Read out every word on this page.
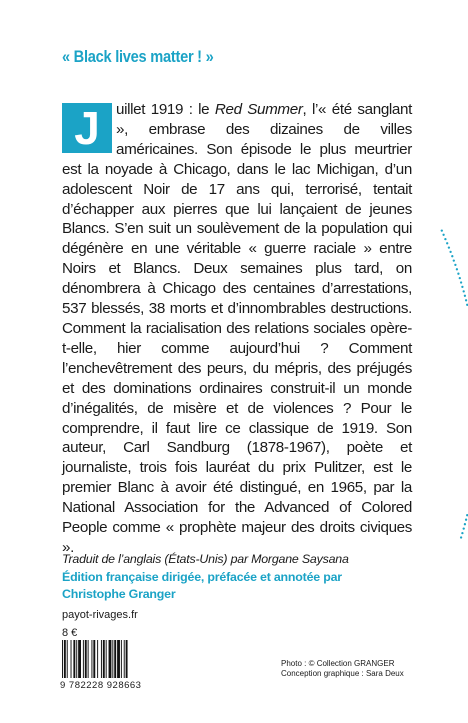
« Black lives matter ! »
J	uillet 1919 : le Red Summer, l’« été sanglant », embrase des dizaines de villes américaines. Son épisode le plus meurtrier est la noyade à Chicago, dans le lac Michigan, d’un adolescent Noir de 17 ans qui, terrorisé, tentait d’échapper aux pierres que lui lançaient de jeunes Blancs. S’en suit un soulèvement de la population qui dégénère en une véritable « guerre raciale » entre Noirs et Blancs. Deux semaines plus tard, on dénombrera à Chicago des centaines d’arrestations, 537 blessés, 38 morts et d’innombrables destructions. Comment la racialisation des relations sociales opère-t-elle, hier comme aujourd’hui ? Comment l’enchevêtrement des peurs, du mépris, des préjugés et des dominations ordinaires construit-il un monde d’inégalités, de misère et de violences ? Pour le comprendre, il faut lire ce classique de 1919. Son auteur, Carl Sandburg (1878-1967), poète et journaliste, trois fois lauréat du prix Pulitzer, est le premier Blanc à avoir été distingué, en 1965, par la National Association for the Advanced of Colored People comme « prophète majeur des droits civiques ».

Traduit de l’anglais (États-Unis) par Morgane Saysana
Édition française dirigée, préfacée et annotée par
Christophe Granger
payot-rivages.fr
8 €
9 782228 928663
Photo : © Collection GRANGER
Conception graphique : Sara Deux
